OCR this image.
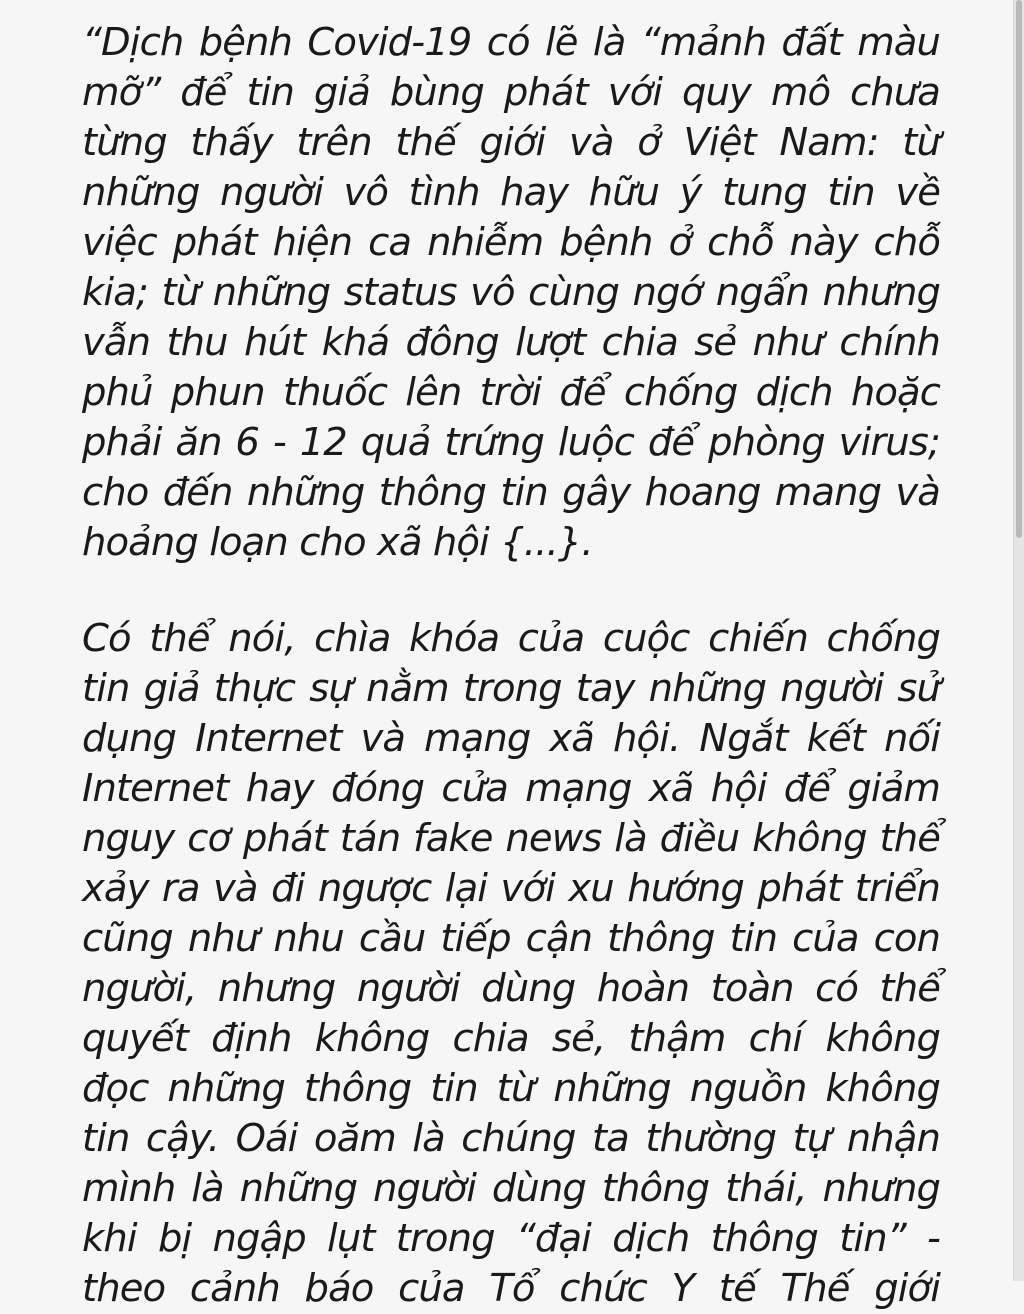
“Dịch bệnh Covid-19 có lẽ là “mảnh đất màu
mỡ” để tin giả bùng phát với quy mô chưa
từng thấy trên thế giới và ở Việt Nam: từ
những người vô tình hay hữu ý tung tin về
việc phát hiện ca nhiễm bệnh ở chỗ này chỗ
kia; từ những status vô cùng ngớ ngẩn nhưng
vẫn thu hút khá đông lượt chia sẻ như chính
phủ phun thuốc lên trời để chống dịch hoặc
phải ăn 6 - 12 quả trứng luộc để phòng virus;
cho đến những thông tin gây hoang mang và
hoảng loạn cho xã hội {...}.
Có thể nói, chìa khóa của cuộc chiến chống
tin giả thực sự nằm trong tay những người sử
dụng Internet và mạng xã hội. Ngắt kết nối
Internet hay đóng cửa mạng xã hội để giảm
nguy cơ phát tán fake news là điều không thể
xảy ra và đi ngược lại với xu hướng phát triển
cũng như nhu cầu tiếp cận thông tin của con
người, nhưng người dùng hoàn toàn có thể
quyết định không chia sẻ, thậm chí không
đọc những thông tin từ những nguồn không
tin cậy. Oái oăm là chúng ta thường tự nhận
mình là những người dùng thông thái, nhưng
khi bị ngập lụt trong “đại dịch thông tin” -
theo cảnh báo của Tổ chức Y tế Thế giới
